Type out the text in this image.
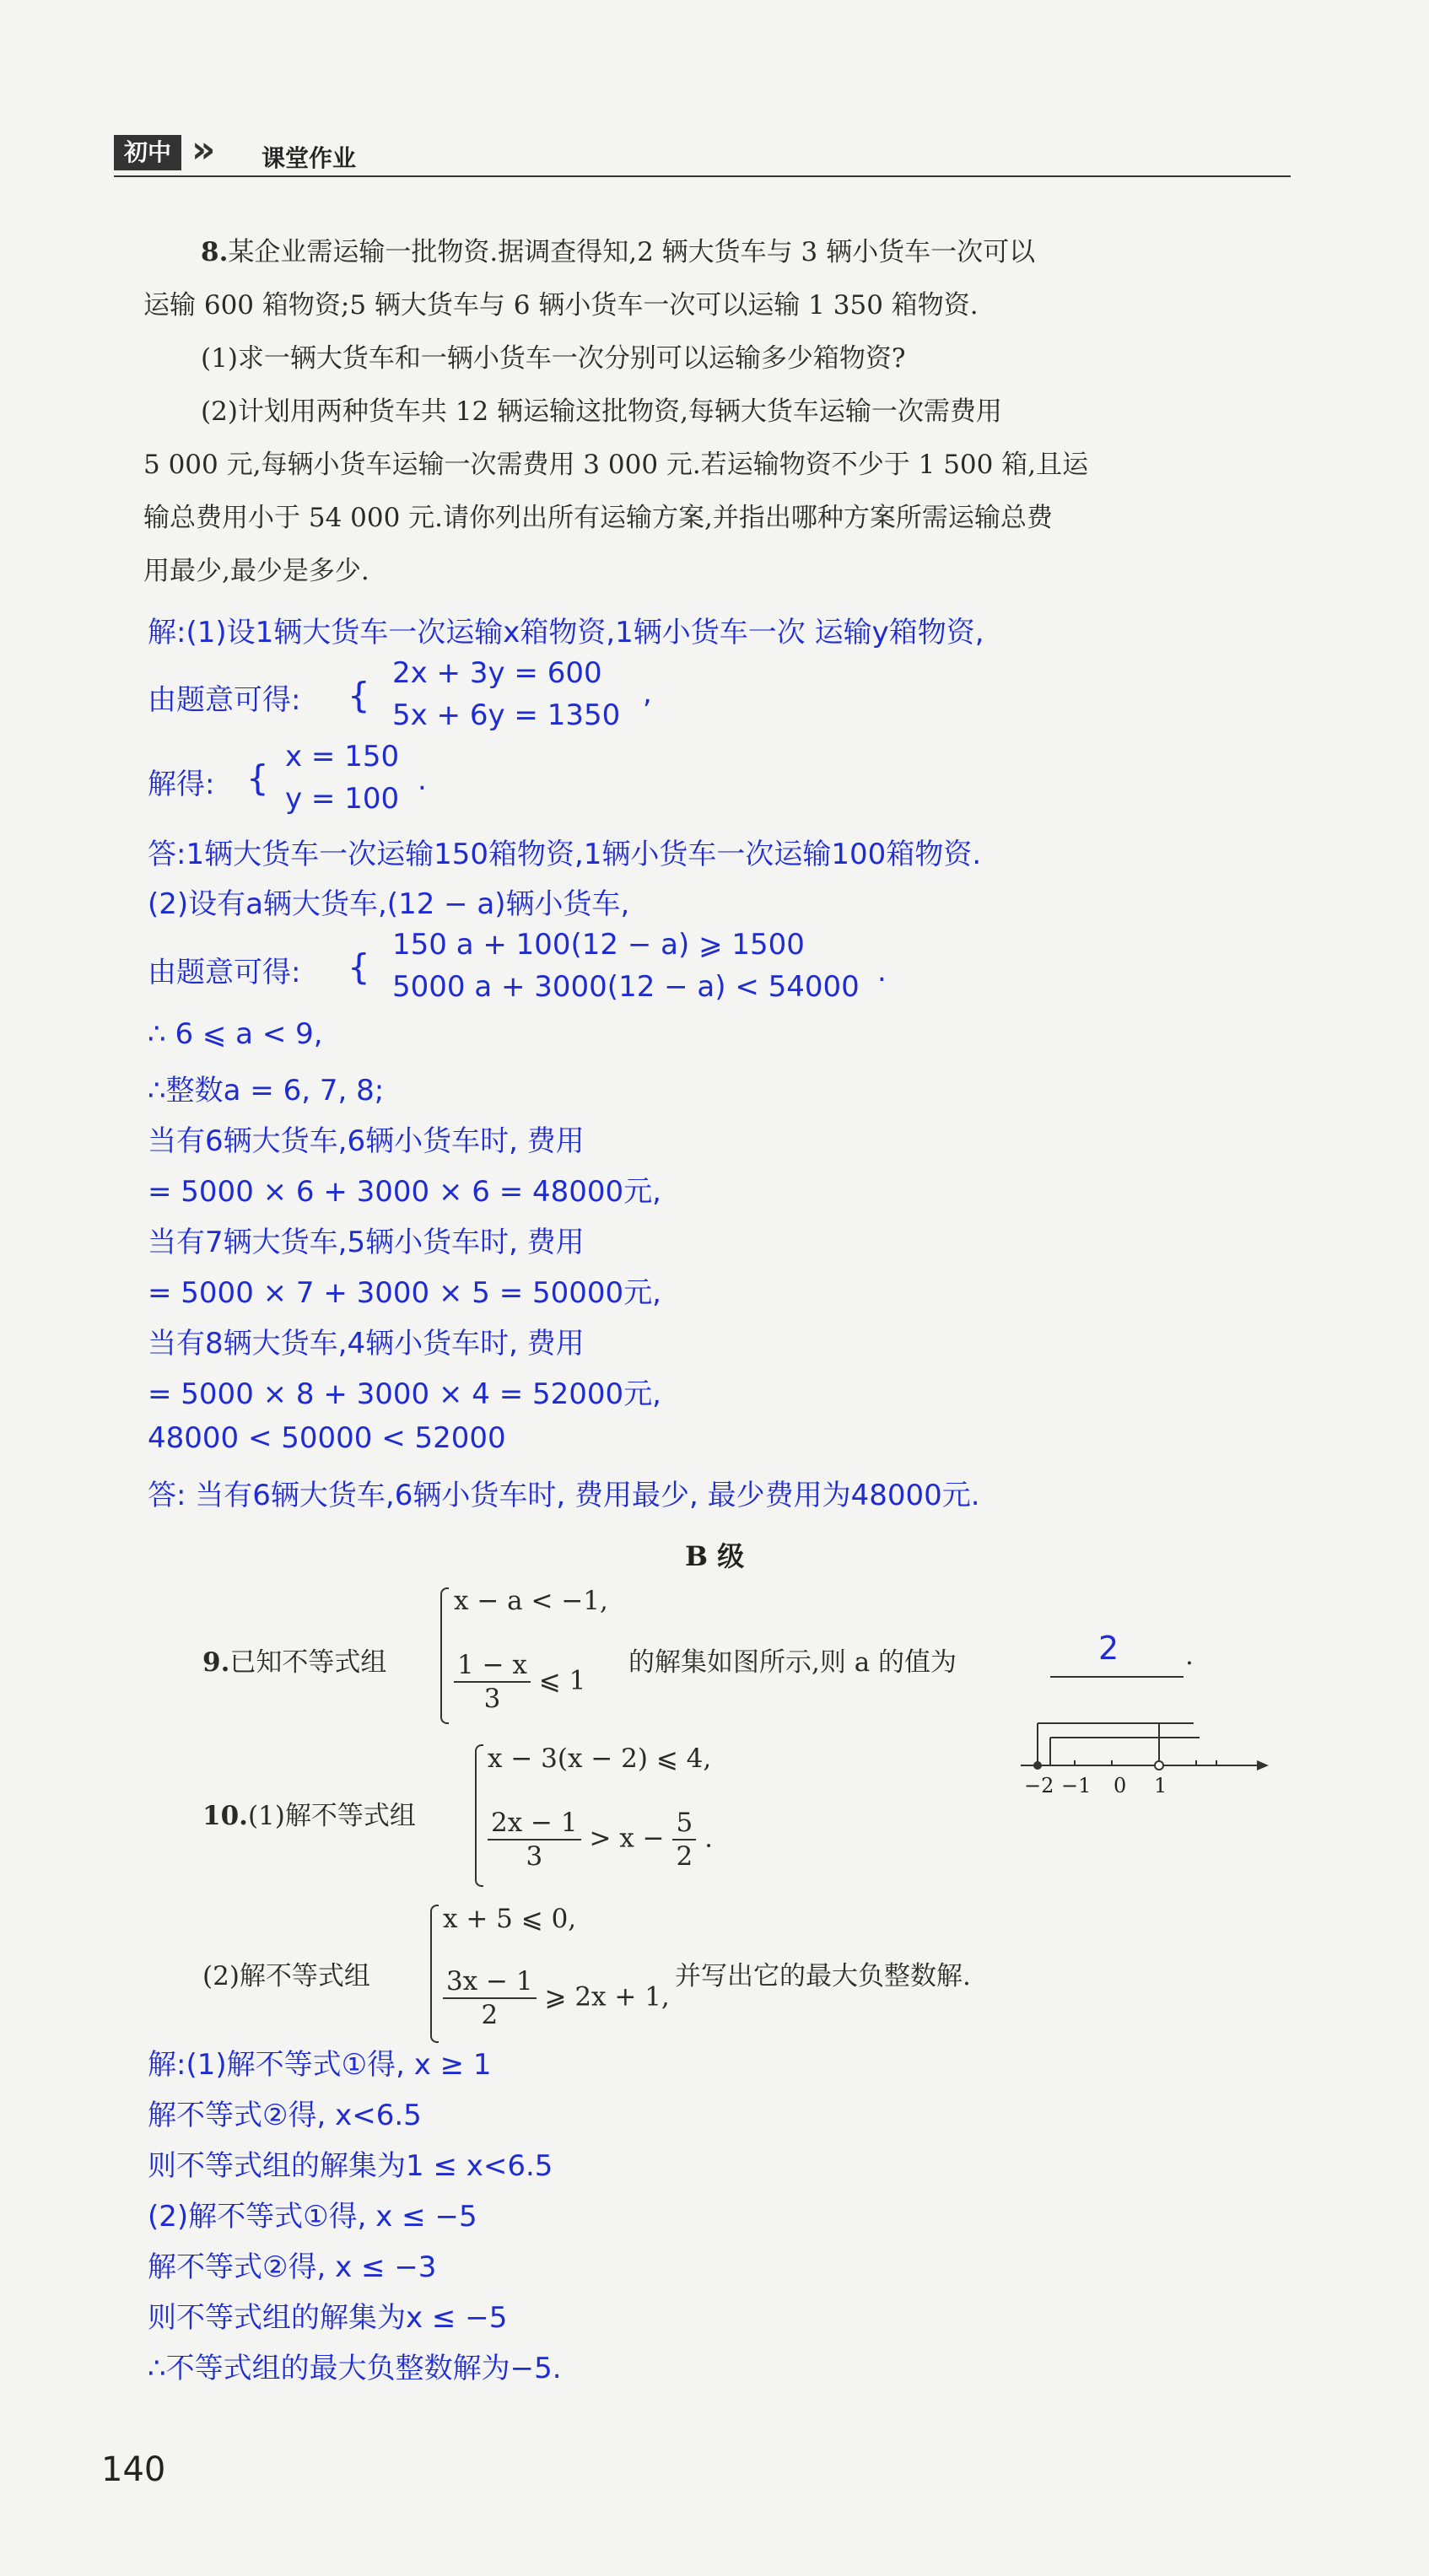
初中 » 课堂作业

8.某企业需运输一批物资.据调查得知,2 辆大货车与 3 辆小货车一次可以

运输 600 箱物资;5 辆大货车与 6 辆小货车一次可以运输 1 350 箱物资.

(1)求一辆大货车和一辆小货车一次分别可以运输多少箱物资?

(2)计划用两种货车共 12 辆运输这批物资,每辆大货车运输一次需费用

5 000 元,每辆小货车运输一次需费用 3 000 元.若运输物资不少于 1 500 箱,且运

输总费用小于 54 000 元.请你列出所有运输方案,并指出哪种方案所需运输总费

用最少,最少是多少.

解:(1)设1辆大货车一次运输x箱物资,1辆小货车一次 运输y箱物资,
由题意可得: {
2x + 3y = 600
5x + 6y = 1350
,
解得: {
x = 150
y = 100
.
答:1辆大货车一次运输150箱物资,1辆小货车一次运输100箱物资.
(2)设有a辆大货车,(12 − a)辆小货车,
由题意可得: {
150 a + 100(12 − a) ⩾ 1500
5000 a + 3000(12 − a) < 54000 .
∴ 6 ⩽ a < 9,
∴整数a = 6, 7, 8;
当有6辆大货车,6辆小货车时, 费用
= 5000 × 6 + 3000 × 6 = 48000元,
当有7辆大货车,5辆小货车时, 费用
= 5000 × 7 + 3000 × 5 = 50000元,
当有8辆大货车,4辆小货车时, 费用
= 5000 × 8 + 3000 × 4 = 52000元,
48000 < 50000 < 52000
答: 当有6辆大货车,6辆小货车时, 费用最少, 最少费用为48000元.
B 级
9.已知不等式组
x − a < −1,
$\frac{1 - x}{3}$ ⩽ 1
的解集如图所示,则 a 的值为	2	.
−2 −1 0 1
10.(1)解不等式组
x − 3(x − 2) ⩽ 4,
$\frac{2x - 1}{3} > x - \frac{5}{2}$ .
(2)解不等式组
x + 5 ⩽ 0,
$\frac{3x - 1}{2}$ ⩾ 2x + 1,
并写出它的最大负整数解.
解:(1)解不等式①得, x ≥ 1
解不等式②得, x<6.5
则不等式组的解集为1 ≤ x<6.5
(2)解不等式①得, x ≤ −5
解不等式②得, x ≤ −3
则不等式组的解集为x ≤ −5
∴不等式组的最大负整数解为−5.
140
